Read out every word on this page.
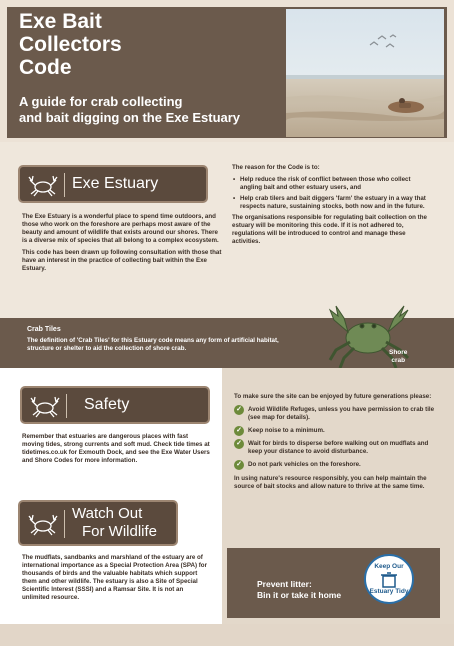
Exe Bait
Collectors
Code
A guide for crab collecting
and bait digging on the Exe Estuary
Exe Estuary

The Exe Estuary is a wonderful place to spend time outdoors, and those who work on the foreshore are perhaps most aware of the beauty and amount of wildlife that exists around our shores. There is a diverse mix of species that all belong to a complex ecosystem.

This code has been drawn up following consultation with those that have an interest in the practice of collecting bait within the Exe Estuary.

The reason for the Code is to:

• Help reduce the risk of conflict between those who collect angling bait and other estuary users, and
• Help crab tilers and bait diggers 'farm' the estuary in a way that respects nature, sustaining stocks, both now and in the future.

The organisations responsible for regulating bait collection on the estuary will be monitoring this code. If it is not adhered to, regulations will be introduced to control and manage these activities.

Crab Tiles
The definition of 'Crab Tiles' for this Estuary code means any form of artificial habitat, structure or shelter to aid the collection of shore crab.
Shore
crab
Safety
Remember that estuaries are dangerous places with fast moving tides, strong currents and soft mud. Check tide times at tidetimes.co.uk for Exmouth Dock, and see the Exe Water Users and Shore Codes for more information.
Watch Out
For Wildlife
The mudflats, sandbanks and marshland of the estuary are of international importance as a Special Protection Area (SPA) for thousands of birds and the valuable habitats which support them and other wildlife. The estuary is also a Site of Special Scientific Interest (SSSI) and a Ramsar Site. It is not an unlimited resource.

To make sure the site can be enjoyed by future generations please:

✓ Avoid Wildlife Refuges, unless you have permission to crab tile (see map for details).
✓ Keep noise to a minimum.
✓ Wait for birds to disperse before walking out on mudflats and keep your distance to avoid disturbance.
✓ Do not park vehicles on the foreshore.

In using nature's resource responsibly, you can help maintain the source of bait stocks and allow nature to thrive at the same time.

Prevent litter:
Bin it or take it home
Keep Our
Estuary Tidy
